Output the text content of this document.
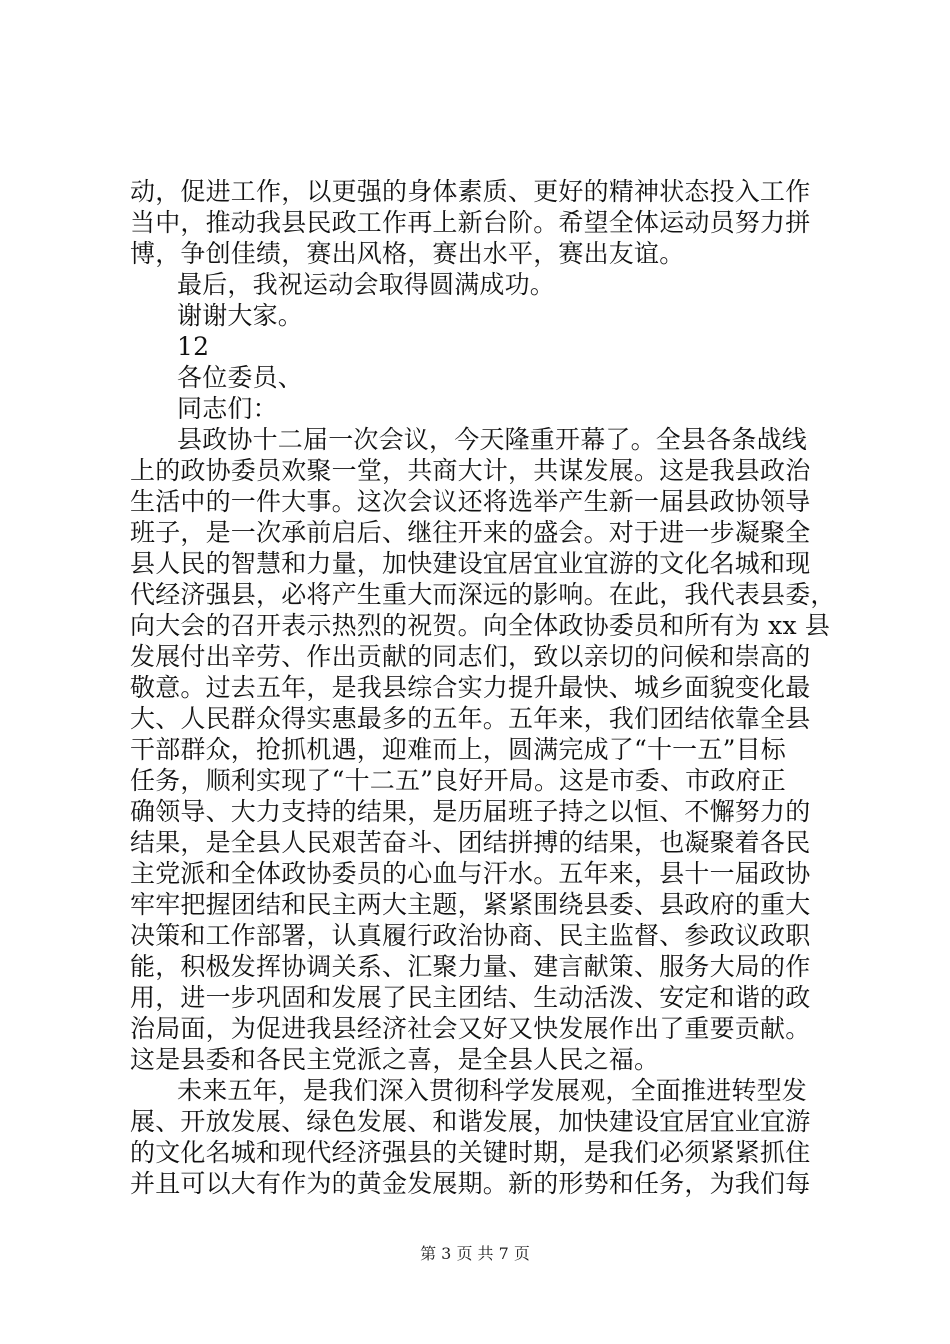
动，促进工作，以更强的身体素质、更好的精神状态投入工作
当中，推动我县民政工作再上新台阶。希望全体运动员努力拼
博，争创佳绩，赛出风格，赛出水平，赛出友谊。
最后，我祝运动会取得圆满成功。
谢谢大家。
12
各位委员、
同志们：
县政协十二届一次会议，今天隆重开幕了。全县各条战线
上的政协委员欢聚一堂，共商大计，共谋发展。这是我县政治
生活中的一件大事。这次会议还将选举产生新一届县政协领导
班子，是一次承前启后、继往开来的盛会。对于进一步凝聚全
县人民的智慧和力量，加快建设宜居宜业宜游的文化名城和现
代经济强县，必将产生重大而深远的影响。在此，我代表县委，
向大会的召开表示热烈的祝贺。向全体政协委员和所有为 xx 县
发展付出辛劳、作出贡献的同志们，致以亲切的问候和崇高的
敬意。过去五年，是我县综合实力提升最快、城乡面貌变化最
大、人民群众得实惠最多的五年。五年来，我们团结依靠全县
干部群众，抢抓机遇，迎难而上，圆满完成了“十一五”目标
任务，顺利实现了“十二五”良好开局。这是市委、市政府正
确领导、大力支持的结果，是历届班子持之以恒、不懈努力的
结果，是全县人民艰苦奋斗、团结拼搏的结果，也凝聚着各民
主党派和全体政协委员的心血与汗水。五年来，县十一届政协
牢牢把握团结和民主两大主题，紧紧围绕县委、县政府的重大
决策和工作部署，认真履行政治协商、民主监督、参政议政职
能，积极发挥协调关系、汇聚力量、建言献策、服务大局的作
用，进一步巩固和发展了民主团结、生动活泼、安定和谐的政
治局面，为促进我县经济社会又好又快发展作出了重要贡献。
这是县委和各民主党派之喜，是全县人民之福。
未来五年，是我们深入贯彻科学发展观，全面推进转型发
展、开放发展、绿色发展、和谐发展，加快建设宜居宜业宜游
的文化名城和现代经济强县的关键时期，是我们必须紧紧抓住
并且可以大有作为的黄金发展期。新的形势和任务，为我们每
第 3 页 共 7 页
